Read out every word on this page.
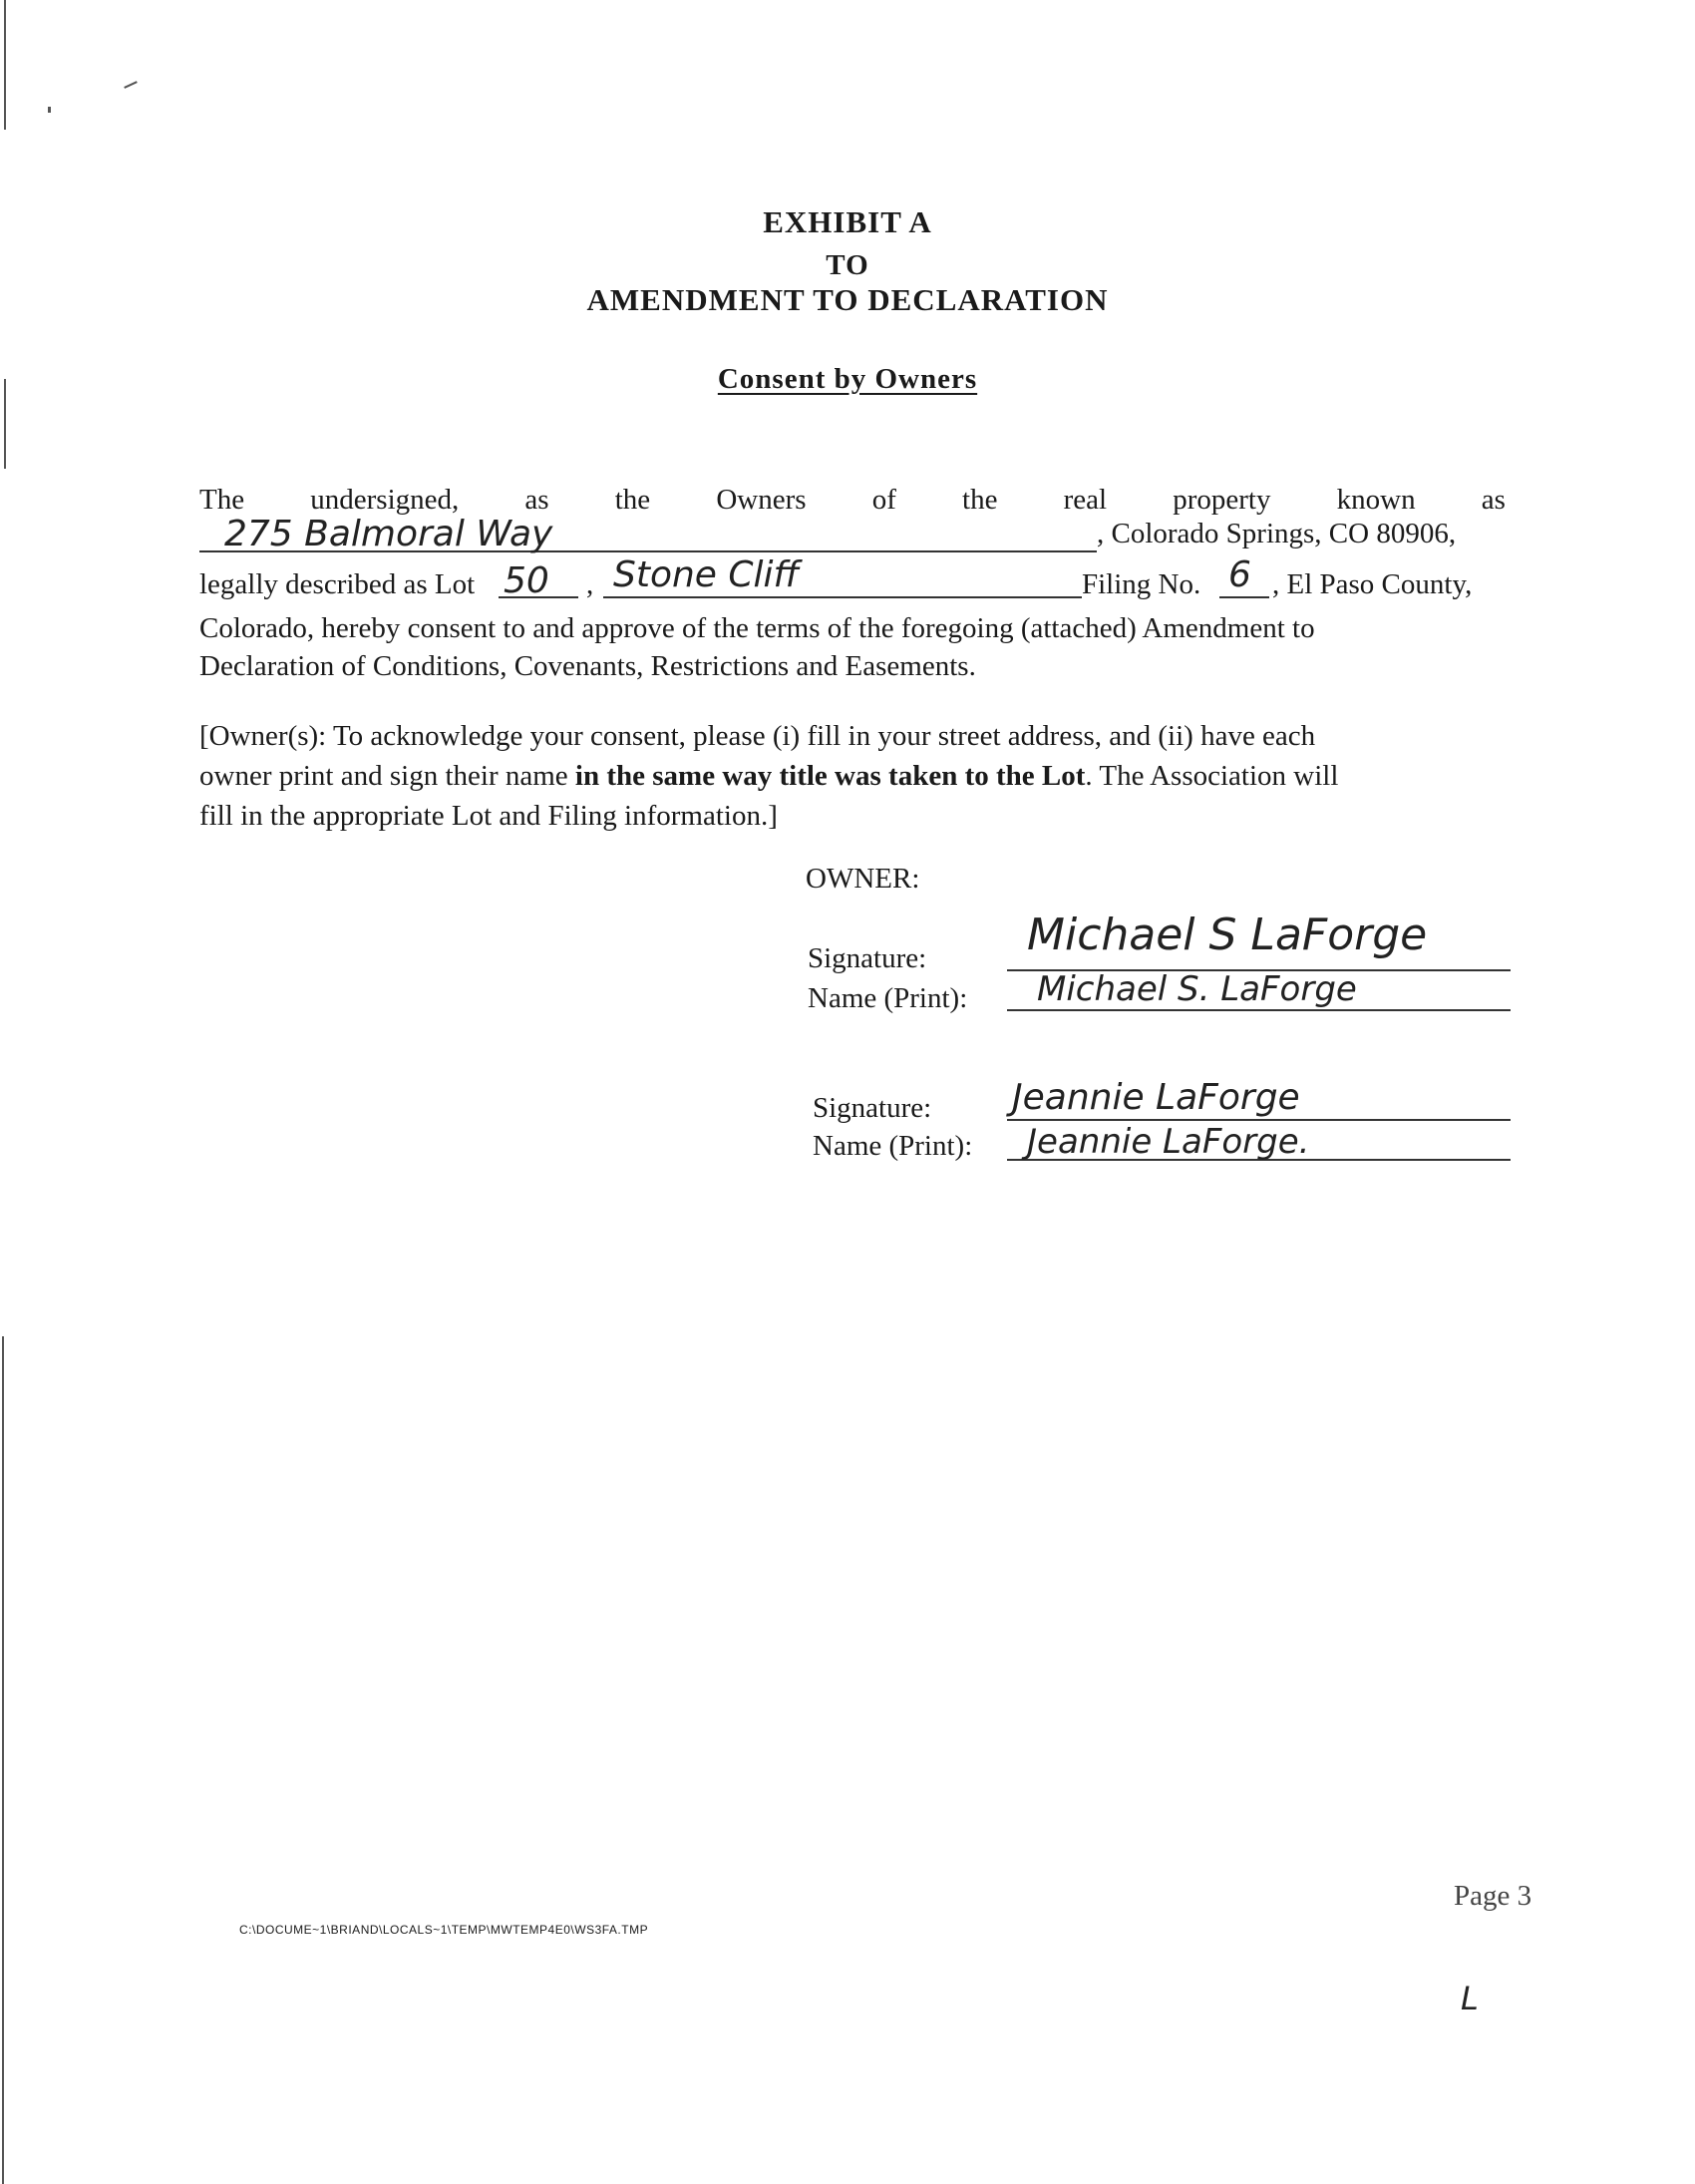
EXHIBIT A
TO
AMENDMENT TO DECLARATION
Consent by Owners
The undersigned, as the Owners of the real property known as
275 Balmoral Way	, Colorado Springs, CO 80906,
legally described as Lot 50 , Stone Cliff	Filing No. 6 , El Paso County,
Colorado, hereby consent to and approve of the terms of the foregoing (attached) Amendment to
Declaration of Conditions, Covenants, Restrictions and Easements.
[Owner(s): To acknowledge your consent, please (i) fill in your street address, and (ii) have each
owner print and sign their name in the same way title was taken to the Lot. The Association will
fill in the appropriate Lot and Filing information.]
OWNER:
Signature: Michael S LaForge
Name (Print): Michael S. LaForge
Signature: Jeannie LaForge
Name (Print): Jeannie LaForge.
C:\DOCUME~1\BRIAND\LOCALS~1\TEMP\MWTEMP4E0\WS3FA.TMP
Page 3
L
